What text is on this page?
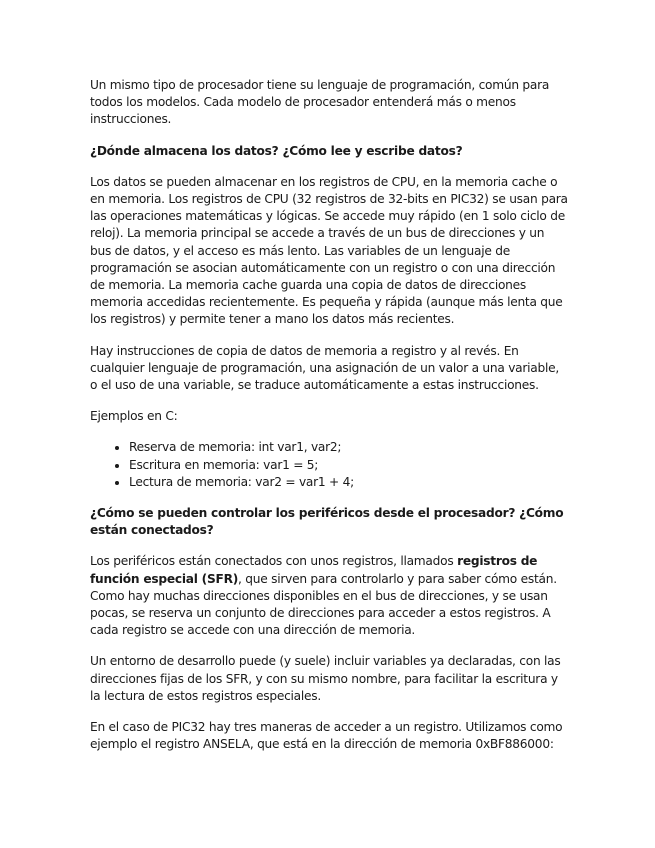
Un mismo tipo de procesador tiene su lenguaje de programación, común para todos los modelos. Cada modelo de procesador entenderá más o menos instrucciones.

¿Dónde almacena los datos? ¿Cómo lee y escribe datos?

Los datos se pueden almacenar en los registros de CPU, en la memoria cache o en memoria. Los registros de CPU (32 registros de 32-bits en PIC32) se usan para las operaciones matemáticas y lógicas. Se accede muy rápido (en 1 solo ciclo de reloj). La memoria principal se accede a través de un bus de direcciones y un bus de datos, y el acceso es más lento. Las variables de un lenguaje de programación se asocian automáticamente con un registro o con una dirección de memoria. La memoria cache guarda una copia de datos de direcciones memoria accedidas recientemente. Es pequeña y rápida (aunque más lenta que los registros) y permite tener a mano los datos más recientes.

Hay instrucciones de copia de datos de memoria a registro y al revés. En cualquier lenguaje de programación, una asignación de un valor a una variable, o el uso de una variable, se traduce automáticamente a estas instrucciones.

Ejemplos en C:

• Reserva de memoria: int var1, var2;
• Escritura en memoria: var1 = 5;
• Lectura de memoria: var2 = var1 + 4;

¿Cómo se pueden controlar los periféricos desde el procesador? ¿Cómo están conectados?

Los periféricos están conectados con unos registros, llamados registros de función especial (SFR), que sirven para controlarlo y para saber cómo están. Como hay muchas direcciones disponibles en el bus de direcciones, y se usan pocas, se reserva un conjunto de direcciones para acceder a estos registros. A cada registro se accede con una dirección de memoria.

Un entorno de desarrollo puede (y suele) incluir variables ya declaradas, con las direcciones fijas de los SFR, y con su mismo nombre, para facilitar la escritura y la lectura de estos registros especiales.

En el caso de PIC32 hay tres maneras de acceder a un registro. Utilizamos como ejemplo el registro ANSELA, que está en la dirección de memoria 0xBF886000:
